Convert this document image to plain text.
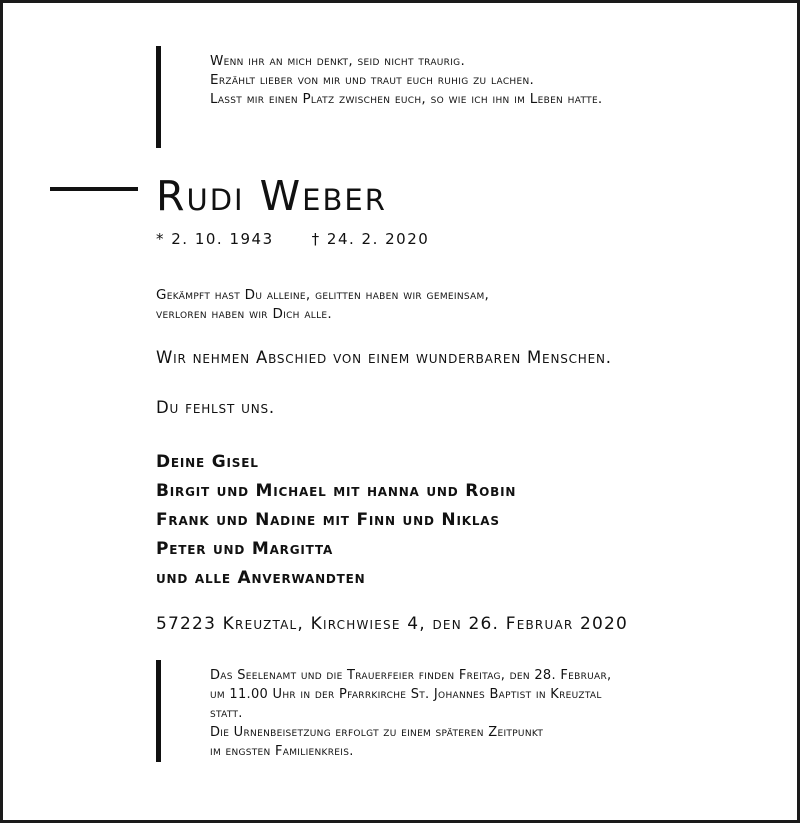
Wenn ihr an mich denkt, seid nicht traurig.
Erzählt lieber von mir und traut euch ruhig zu lachen.
Lasst mir einen Platz zwischen euch, so wie ich ihn im Leben hatte.
Rudi Weber
* 2. 10. 1943	† 24. 2. 2020
Gekämpft hast Du alleine, gelitten haben wir gemeinsam,
verloren haben wir Dich alle.
Wir nehmen Abschied von einem wunderbaren Menschen.
Du fehlst uns.
Deine Gisel
Birgit und Michael mit hanna und Robin
Frank und Nadine mit Finn und Niklas
Peter und Margitta
und alle Anverwandten
57223 Kreuztal, Kirchwiese 4, den 26. Februar 2020
Das Seelenamt und die Trauerfeier finden Freitag, den 28. Februar,
um 11.00 Uhr in der Pfarrkirche St. Johannes Baptist in Kreuztal
statt.
Die Urnenbeisetzung erfolgt zu einem späteren Zeitpunkt
im engsten Familienkreis.
